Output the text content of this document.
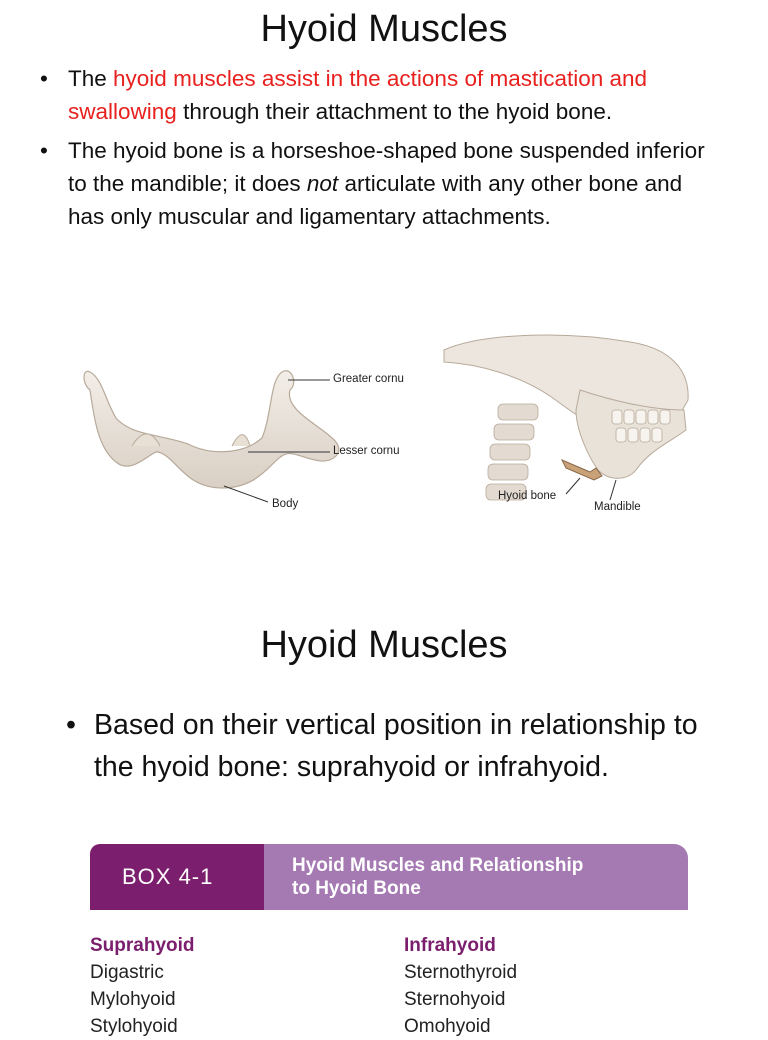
Hyoid Muscles
• The hyoid muscles assist in the actions of mastication and swallowing through their attachment to the hyoid bone.
• The hyoid bone is a horseshoe-shaped bone suspended inferior to the mandible; it does not articulate with any other bone and has only muscular and ligamentary attachments.
Greater cornu
Lesser cornu
Body
Hyoid bone
Mandible
Hyoid Muscles
• Based on their vertical position in relationship to the hyoid bone: suprahyoid or infrahyoid.
BOX 4-1	Hyoid Muscles and Relationship
to Hyoid Bone
Suprahyoid
Digastric
Mylohyoid
Stylohyoid
Infrahyoid
Sternothyroid
Sternohyoid
Omohyoid
